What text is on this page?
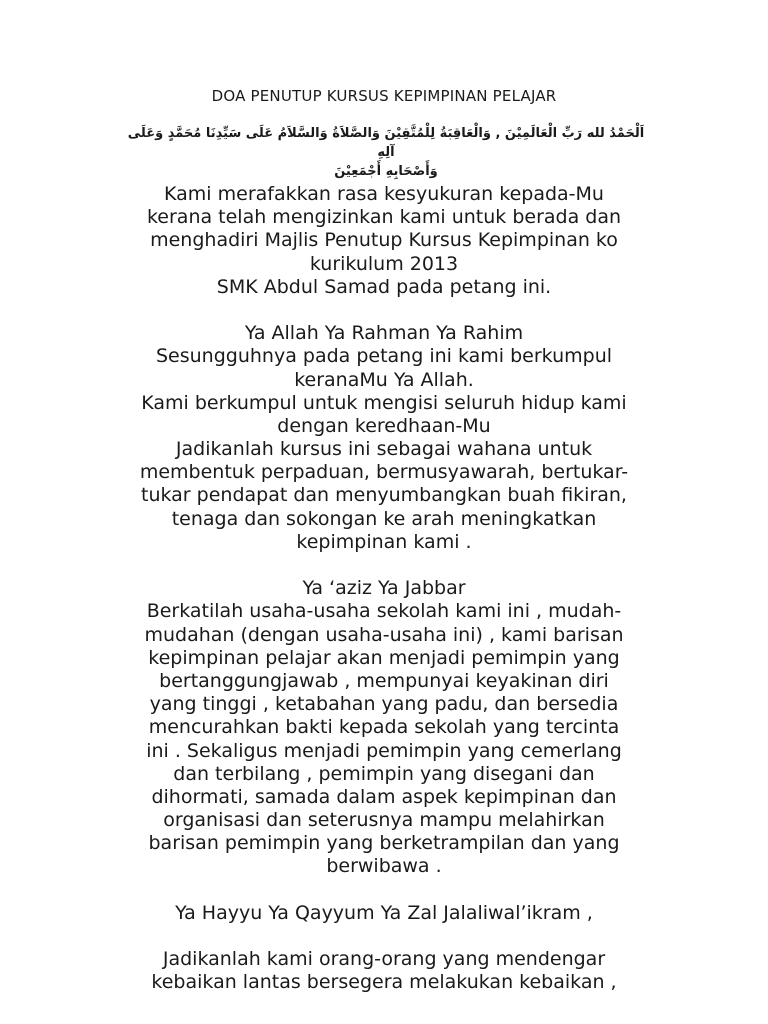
DOA PENUTUP KURSUS KEPIMPINAN PELAJAR
اَلْحَمْدُ لله رَبِّ الْعَالَمِيْنَ , وَالْعَاقِبَةُ لِلْمُتَّقِيْنَ وَالصَّلاَةُ وَالسَّلاَمُ عَلَى سَيِّدِنَا مُحَمَّدٍ وَعَلَى آلِهِ
وَأَصْحَابِهِ أَجْمَعِيْنَ
Kami merafakkan rasa kesyukuran kepada-Mu
kerana telah mengizinkan kami untuk berada dan
menghadiri Majlis Penutup Kursus Kepimpinan ko
kurikulum 2013
SMK Abdul Samad pada petang ini.
Ya Allah Ya Rahman Ya Rahim
Sesungguhnya pada petang ini kami berkumpul
keranaMu Ya Allah.
Kami berkumpul untuk mengisi seluruh hidup kami
dengan keredhaan-Mu
Jadikanlah kursus ini sebagai wahana untuk
membentuk perpaduan, bermusyawarah, bertukar-
tukar pendapat dan menyumbangkan buah fikiran,
tenaga dan sokongan ke arah meningkatkan
kepimpinan kami .
Ya ‘aziz Ya Jabbar
Berkatilah usaha-usaha sekolah kami ini , mudah-
mudahan (dengan usaha-usaha ini) , kami barisan
kepimpinan pelajar akan menjadi pemimpin yang
bertanggungjawab , mempunyai keyakinan diri
yang tinggi , ketabahan yang padu, dan bersedia
mencurahkan bakti kepada sekolah yang tercinta
ini . Sekaligus menjadi pemimpin yang cemerlang
dan terbilang , pemimpin yang disegani dan
dihormati, samada dalam aspek kepimpinan dan
organisasi dan seterusnya mampu melahirkan
barisan pemimpin yang berketrampilan dan yang
berwibawa .
Ya Hayyu Ya Qayyum Ya Zal Jalaliwal’ikram ,
Jadikanlah kami orang-orang yang mendengar
kebaikan lantas bersegera melakukan kebaikan ,
